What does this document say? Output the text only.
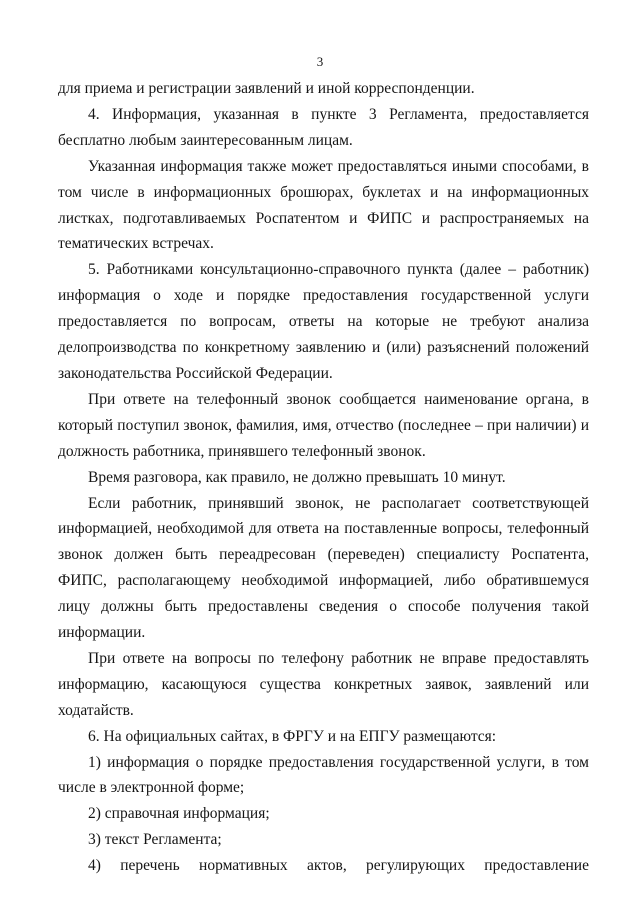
3

для приема и регистрации заявлений и иной корреспонденции.

4. Информация, указанная в пункте 3 Регламента, предоставляется бесплатно любым заинтересованным лицам.

Указанная информация также может предоставляться иными способами, в том числе в информационных брошюрах, буклетах и на информационных листках, подготавливаемых Роспатентом и ФИПС и распространяемых на тематических встречах.

5. Работниками консультационно-справочного пункта (далее – работник) информация о ходе и порядке предоставления государственной услуги предоставляется по вопросам, ответы на которые не требуют анализа делопроизводства по конкретному заявлению и (или) разъяснений положений законодательства Российской Федерации.

При ответе на телефонный звонок сообщается наименование органа, в который поступил звонок, фамилия, имя, отчество (последнее – при наличии) и должность работника, принявшего телефонный звонок.

Время разговора, как правило, не должно превышать 10 минут.

Если работник, принявший звонок, не располагает соответствующей информацией, необходимой для ответа на поставленные вопросы, телефонный звонок должен быть переадресован (переведен) специалисту Роспатента, ФИПС, располагающему необходимой информацией, либо обратившемуся лицу должны быть предоставлены сведения о способе получения такой информации.

При ответе на вопросы по телефону работник не вправе предоставлять информацию, касающуюся существа конкретных заявок, заявлений или ходатайств.

6. На официальных сайтах, в ФРГУ и на ЕПГУ размещаются:

1) информация о порядке предоставления государственной услуги, в том числе в электронной форме;

2) справочная информация;

3) текст Регламента;

4) перечень нормативных актов, регулирующих предоставление
